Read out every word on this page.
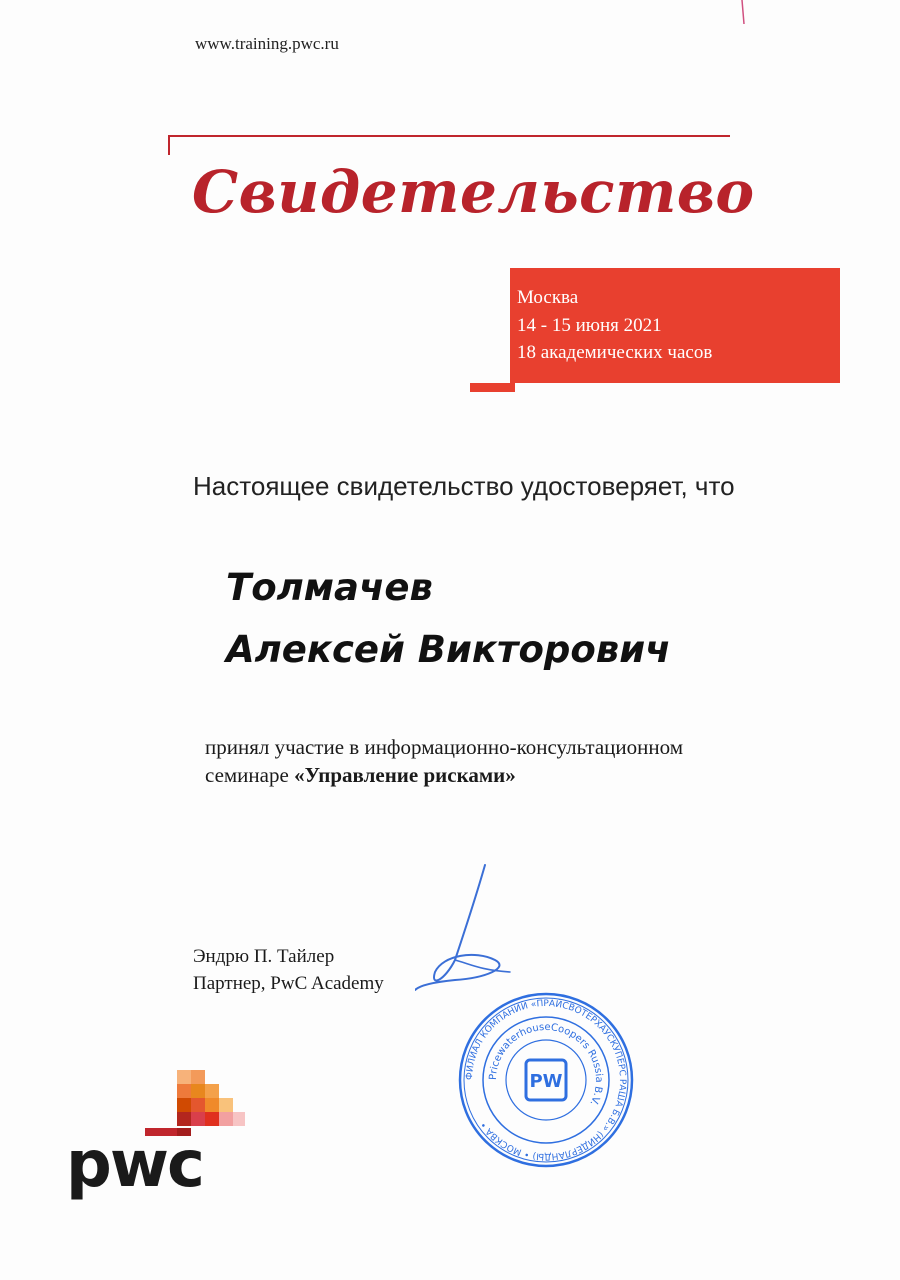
www.training.pwc.ru
Свидетельство
Москва
14 - 15 июня 2021
18 академических часов
Настоящее свидетельство удостоверяет, что
Толмачев
Алексей Викторович
принял участие в информационно-консультационном
семинаре «Управление рисками»
Эндрю П. Тайлер
Партнер, PwC Academy
ФИЛИАЛ КОМПАНИИ «ПРАЙСВОТЕРХАУСКУПЕРС РАША Б.В.» (НИДЕРЛАНДЫ) • МОСКВА •
PricewaterhouseCoopers Russia B.V.
PW
pwc
